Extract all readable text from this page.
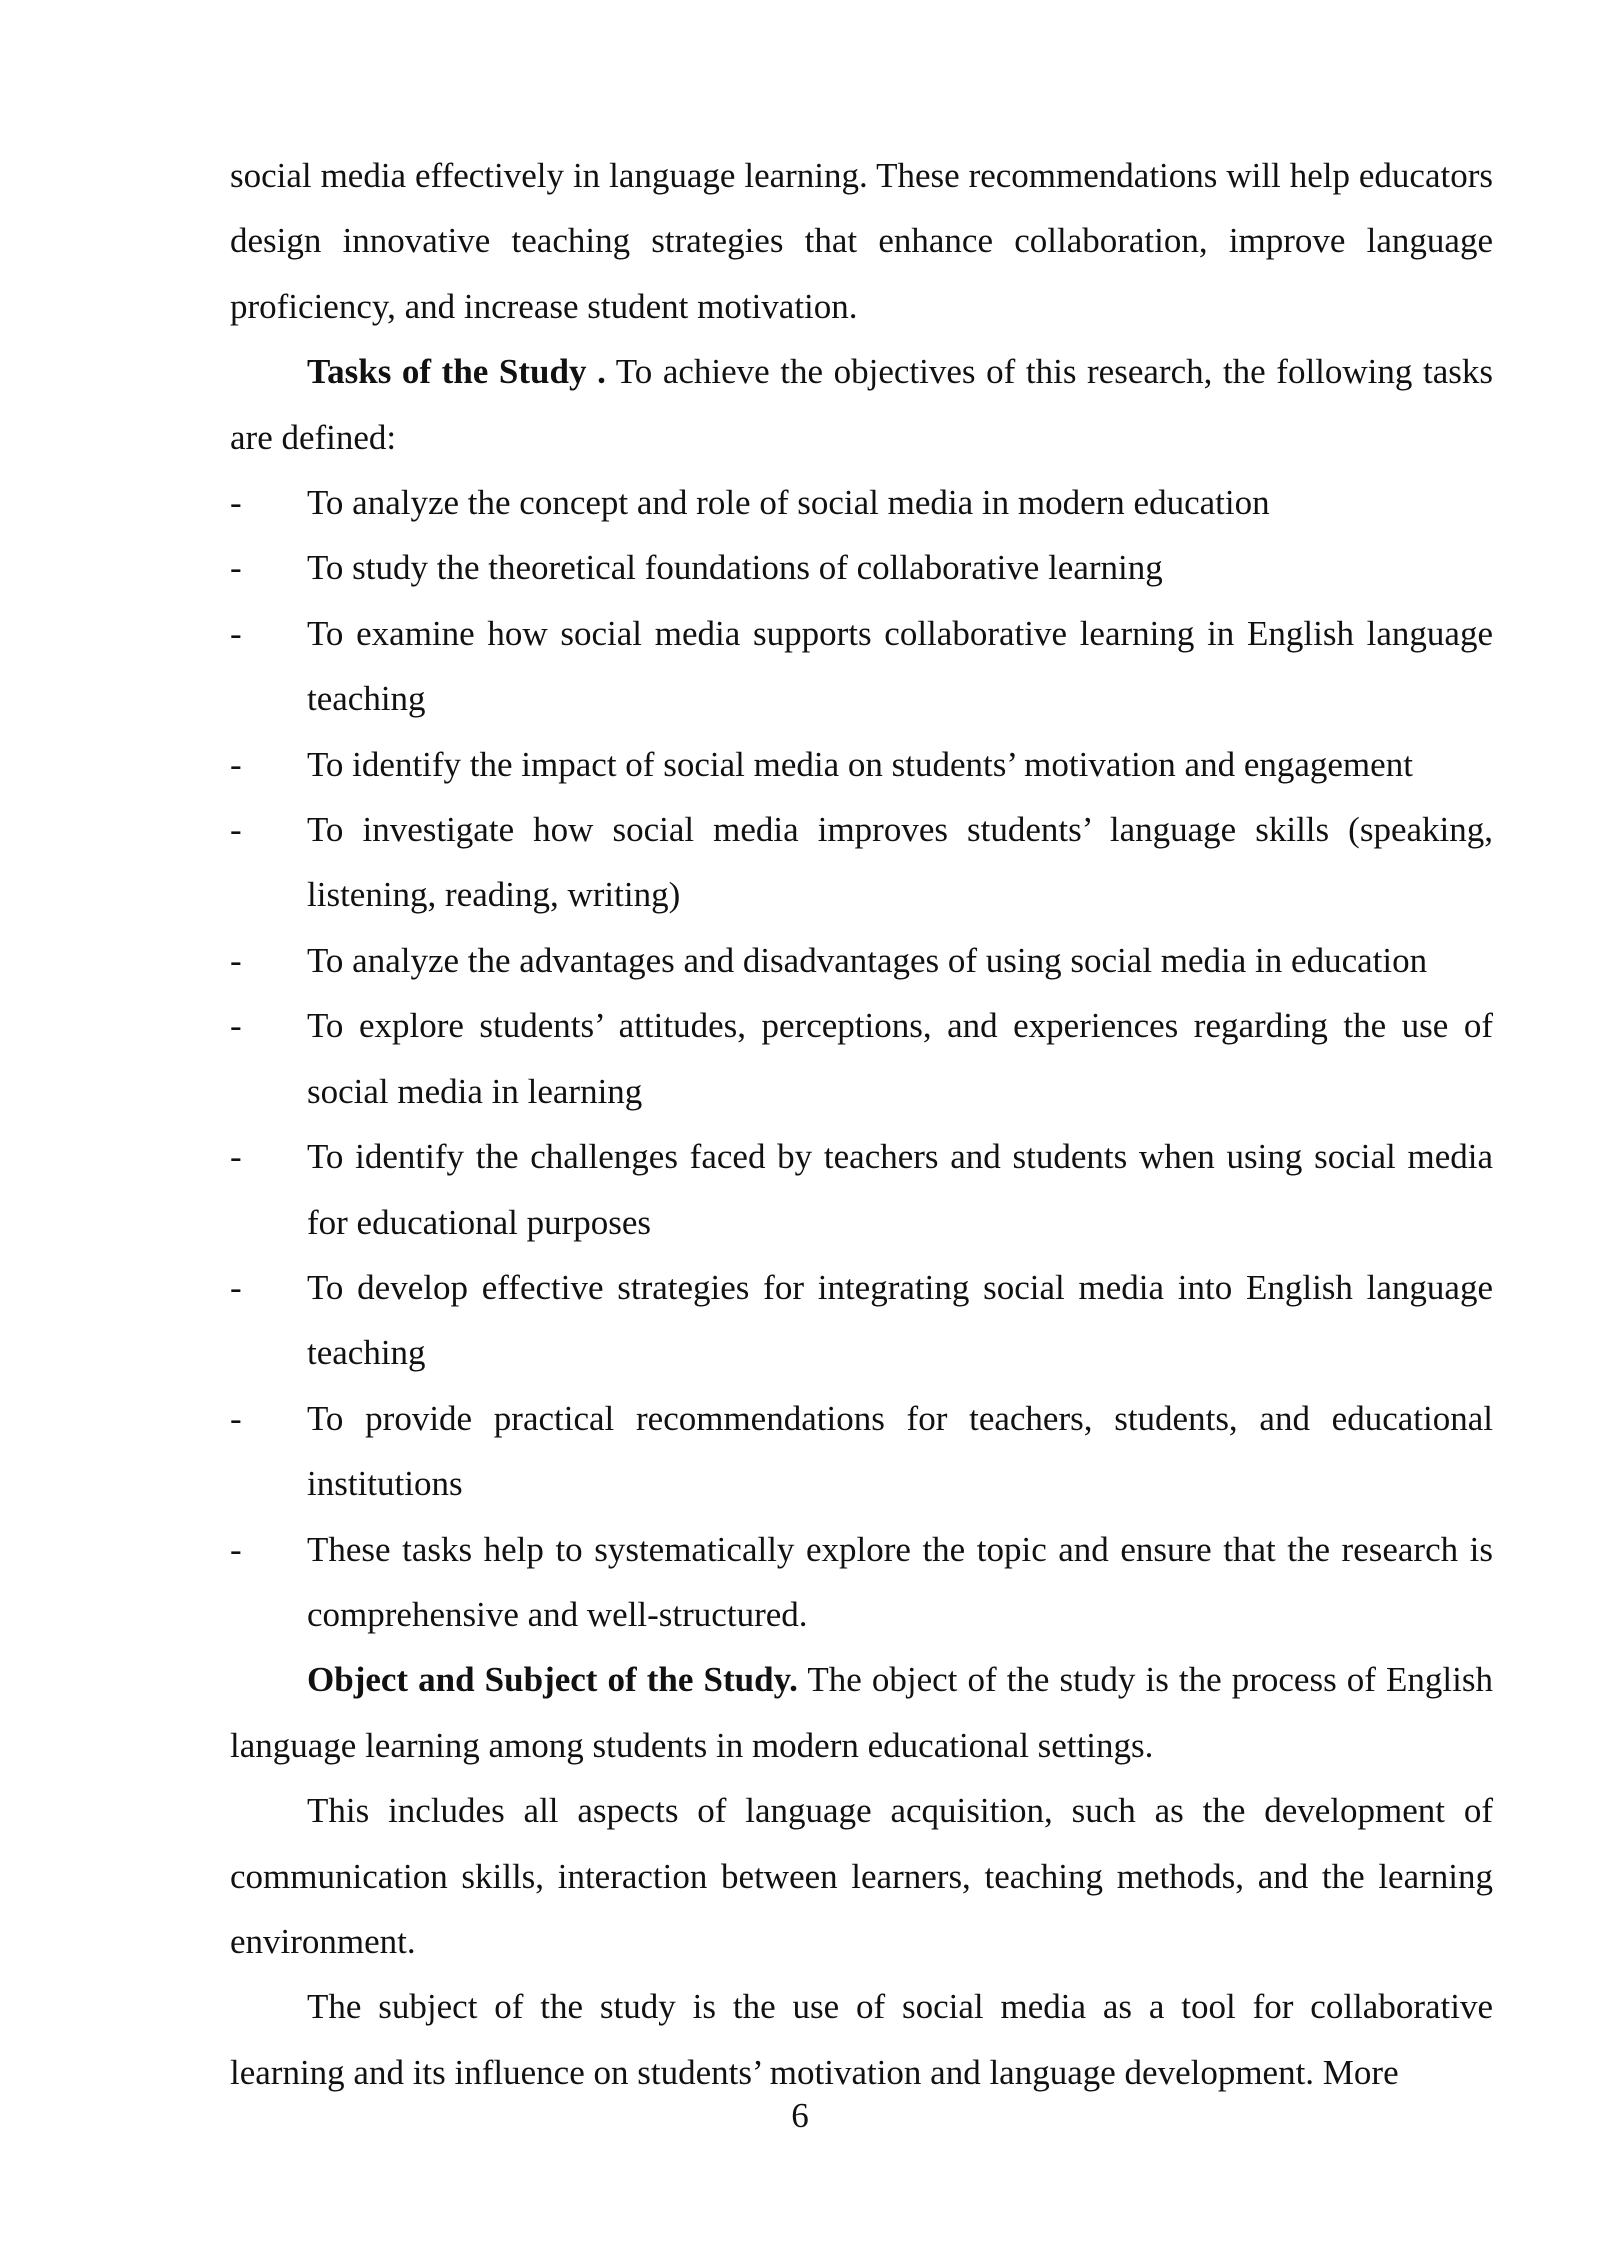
social media effectively in language learning. These recommendations will help educators design innovative teaching strategies that enhance collaboration, improve language proficiency, and increase student motivation.

Tasks of the Study . To achieve the objectives of this research, the following tasks are defined:

- To analyze the concept and role of social media in modern education
- To study the theoretical foundations of collaborative learning
- To examine how social media supports collaborative learning in English language teaching
- To identify the impact of social media on students’ motivation and engagement
- To investigate how social media improves students’ language skills (speaking, listening, reading, writing)
- To analyze the advantages and disadvantages of using social media in education
- To explore students’ attitudes, perceptions, and experiences regarding the use of social media in learning
- To identify the challenges faced by teachers and students when using social media for educational purposes
- To develop effective strategies for integrating social media into English language teaching
- To provide practical recommendations for teachers, students, and educational institutions
- These tasks help to systematically explore the topic and ensure that the research is comprehensive and well-structured.

Object and Subject of the Study. The object of the study is the process of English language learning among students in modern educational settings.

This includes all aspects of language acquisition, such as the development of communication skills, interaction between learners, teaching methods, and the learning environment.

The subject of the study is the use of social media as a tool for collaborative learning and its influence on students’ motivation and language development. More

6
